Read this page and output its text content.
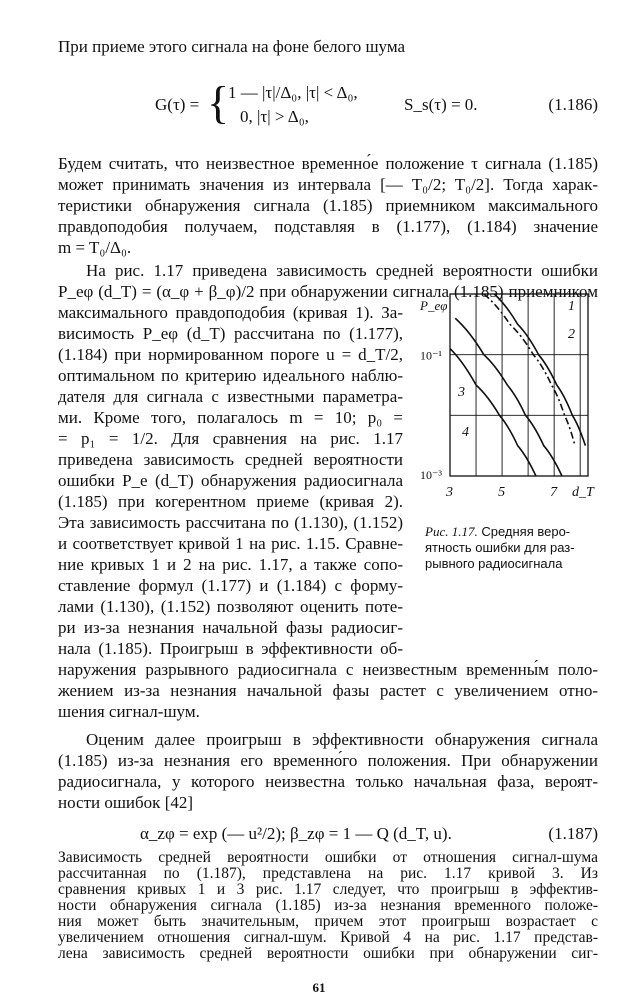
При приеме этого сигнала на фоне белого шума
G(τ) = {
1 — |τ|/Δ₀, |τ| < Δ₀,
0, |τ| > Δ₀,
S_s(τ) = 0.	(1.186)
Будем считать, что неизвестное временно́е положение τ сигнала (1.185)
может принимать значения из интервала [— T₀/2; T₀/2]. Тогда харак-
теристики обнаружения сигнала (1.185) приемником максимального
правдоподобия получаем, подставляя в (1.177), (1.184) значение
m = T₀/Δ₀.
На рис. 1.17 приведена зависимость средней вероятности ошибки
P_eφ (d_T) = (α_φ + β_φ)/2 при обнаружении сигнала (1.185) приемником
максимального правдоподобия (кривая 1). За-
висимость P_eφ (d_T) рассчитана по (1.177),
(1.184) при нормированном пороге u = d_T/2,
оптимальном по критерию идеального наблю-
дателя для сигнала с известными параметра-
ми. Кроме того, полагалось m = 10; p₀ =
= p₁ = 1/2. Для сравнения на рис. 1.17
приведена зависимость средней вероятности
ошибки P_e (d_T) обнаружения радиосигнала
(1.185) при когерентном приеме (кривая 2).
Эта зависимость рассчитана по (1.130), (1.152)
и соответствует кривой 1 на рис. 1.15. Сравне-
ние кривых 1 и 2 на рис. 1.17, а также сопо-
ставление формул (1.177) и (1.184) с форму-
лами (1.130), (1.152) позволяют оценить поте-
ри из-за незнания начальной фазы радиосиг-
нала (1.185). Проигрыш в эффективности об-
наружения разрывного радиосигнала с неизвестным временны́м поло-
жением из-за незнания начальной фазы растет с увеличением отно-
шения сигнал-шум.
1
2
3
4
P_eφ
10⁻¹
10⁻³
3	5	7 d_T
Рис. 1.17. Средняя веро-ятность ошибки для раз-рывного радиосигнала
Оценим далее проигрыш в эффективности обнаружения сигнала
(1.185) из-за незнания его временно́го положения. При обнаружении
радиосигнала, у которого неизвестна только начальная фаза, вероят-
ности ошибок [42]
α_zφ = exp (— u²/2); β_zφ = 1 — Q (d_T, u).	(1.187)
Зависимость средней вероятности ошибки от отношения сигнал-шума
рассчитанная по (1.187), представлена на рис. 1.17 кривой 3. Из
сравнения кривых 1 и 3 рис. 1.17 следует, что проигрыш в эффектив-
ности обнаружения сигнала (1.185) из-за незнания временно́го положе-
ния может быть значительным, причем этот проигрыш возрастает с
увеличением отношения сигнал-шум. Кривой 4 на рис. 1.17 представ-
лена зависимость средней вероятности ошибки при обнаружении сиг-
61
